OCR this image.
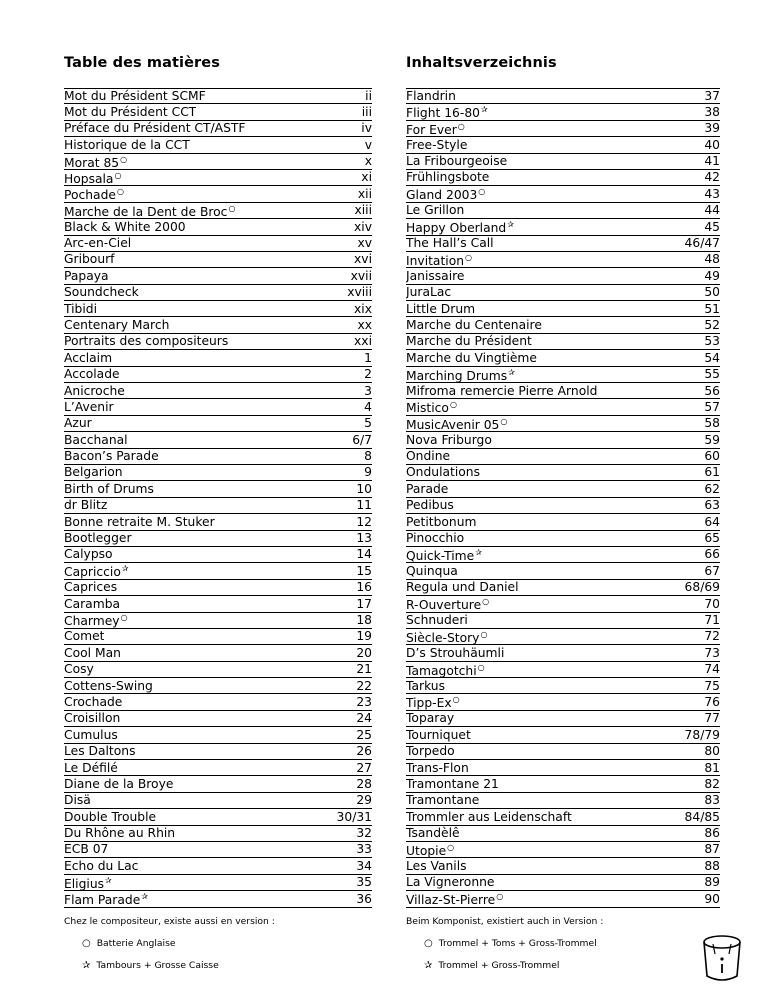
Table des matières
Mot du Président SCMF	ii
Mot du Président CCT	iii
Préface du Président CT/ASTF	iv
Historique de la CCT	v
Morat 85○	x
Hopsala○	xi
Pochade○	xii
Marche de la Dent de Broc○	xiii
Black & White 2000	xiv
Arc-en-Ciel	xv
Gribourf	xvi
Papaya	xvii
Soundcheck	xviii
Tibidi	xix
Centenary March	xx
Portraits des compositeurs	xxi
Acclaim	1
Accolade	2
Anicroche	3
L’Avenir	4
Azur	5
Bacchanal	6/7
Bacon’s Parade	8
Belgarion	9
Birth of Drums	10
dr Blitz	11
Bonne retraite M. Stuker	12
Bootlegger	13
Calypso	14
Capriccio✰	15
Caprices	16
Caramba	17
Charmey○	18
Comet	19
Cool Man	20
Cosy	21
Cottens-Swing	22
Crochade	23
Croisillon	24
Cumulus	25
Les Daltons	26
Le Défilé	27
Diane de la Broye	28
Disä	29
Double Trouble	30/31
Du Rhône au Rhin	32
ECB 07	33
Echo du Lac	34
Eligius✰	35
Flam Parade✰	36
Inhaltsverzeichnis
Flandrin	37
Flight 16-80✰	38
For Ever○	39
Free-Style	40
La Fribourgeoise	41
Frühlingsbote	42
Gland 2003○	43
Le Grillon	44
Happy Oberland✰	45
The Hall’s Call	46/47
Invitation○	48
Janissaire	49
JuraLac	50
Little Drum	51
Marche du Centenaire	52
Marche du Président	53
Marche du Vingtième	54
Marching Drums✰	55
Mifroma remercie Pierre Arnold	56
Mistico○	57
MusicAvenir 05○	58
Nova Friburgo	59
Ondine	60
Ondulations	61
Parade	62
Pedibus	63
Petitbonum	64
Pinocchio	65
Quick-Time✰	66
Quinqua	67
Regula und Daniel	68/69
R-Ouverture○	70
Schnuderi	71
Siècle-Story○	72
D’s Strouhäumli	73
Tamagotchi○	74
Tarkus	75
Tipp-Ex○	76
Toparay	77
Tourniquet	78/79
Torpedo	80
Trans-Flon	81
Tramontane 21	82
Tramontane	83
Trommler aus Leidenschaft	84/85
Tsandèlê	86
Utopie○	87
Les Vanils	88
La Vigneronne	89
Villaz-St-Pierre○	90
Chez le compositeur, existe aussi en version :
○ Batterie Anglaise
✰ Tambours + Grosse Caisse
Beim Komponist, existiert auch in Version :
○ Trommel + Toms + Gross-Trommel
✰ Trommel + Gross-Trommel
